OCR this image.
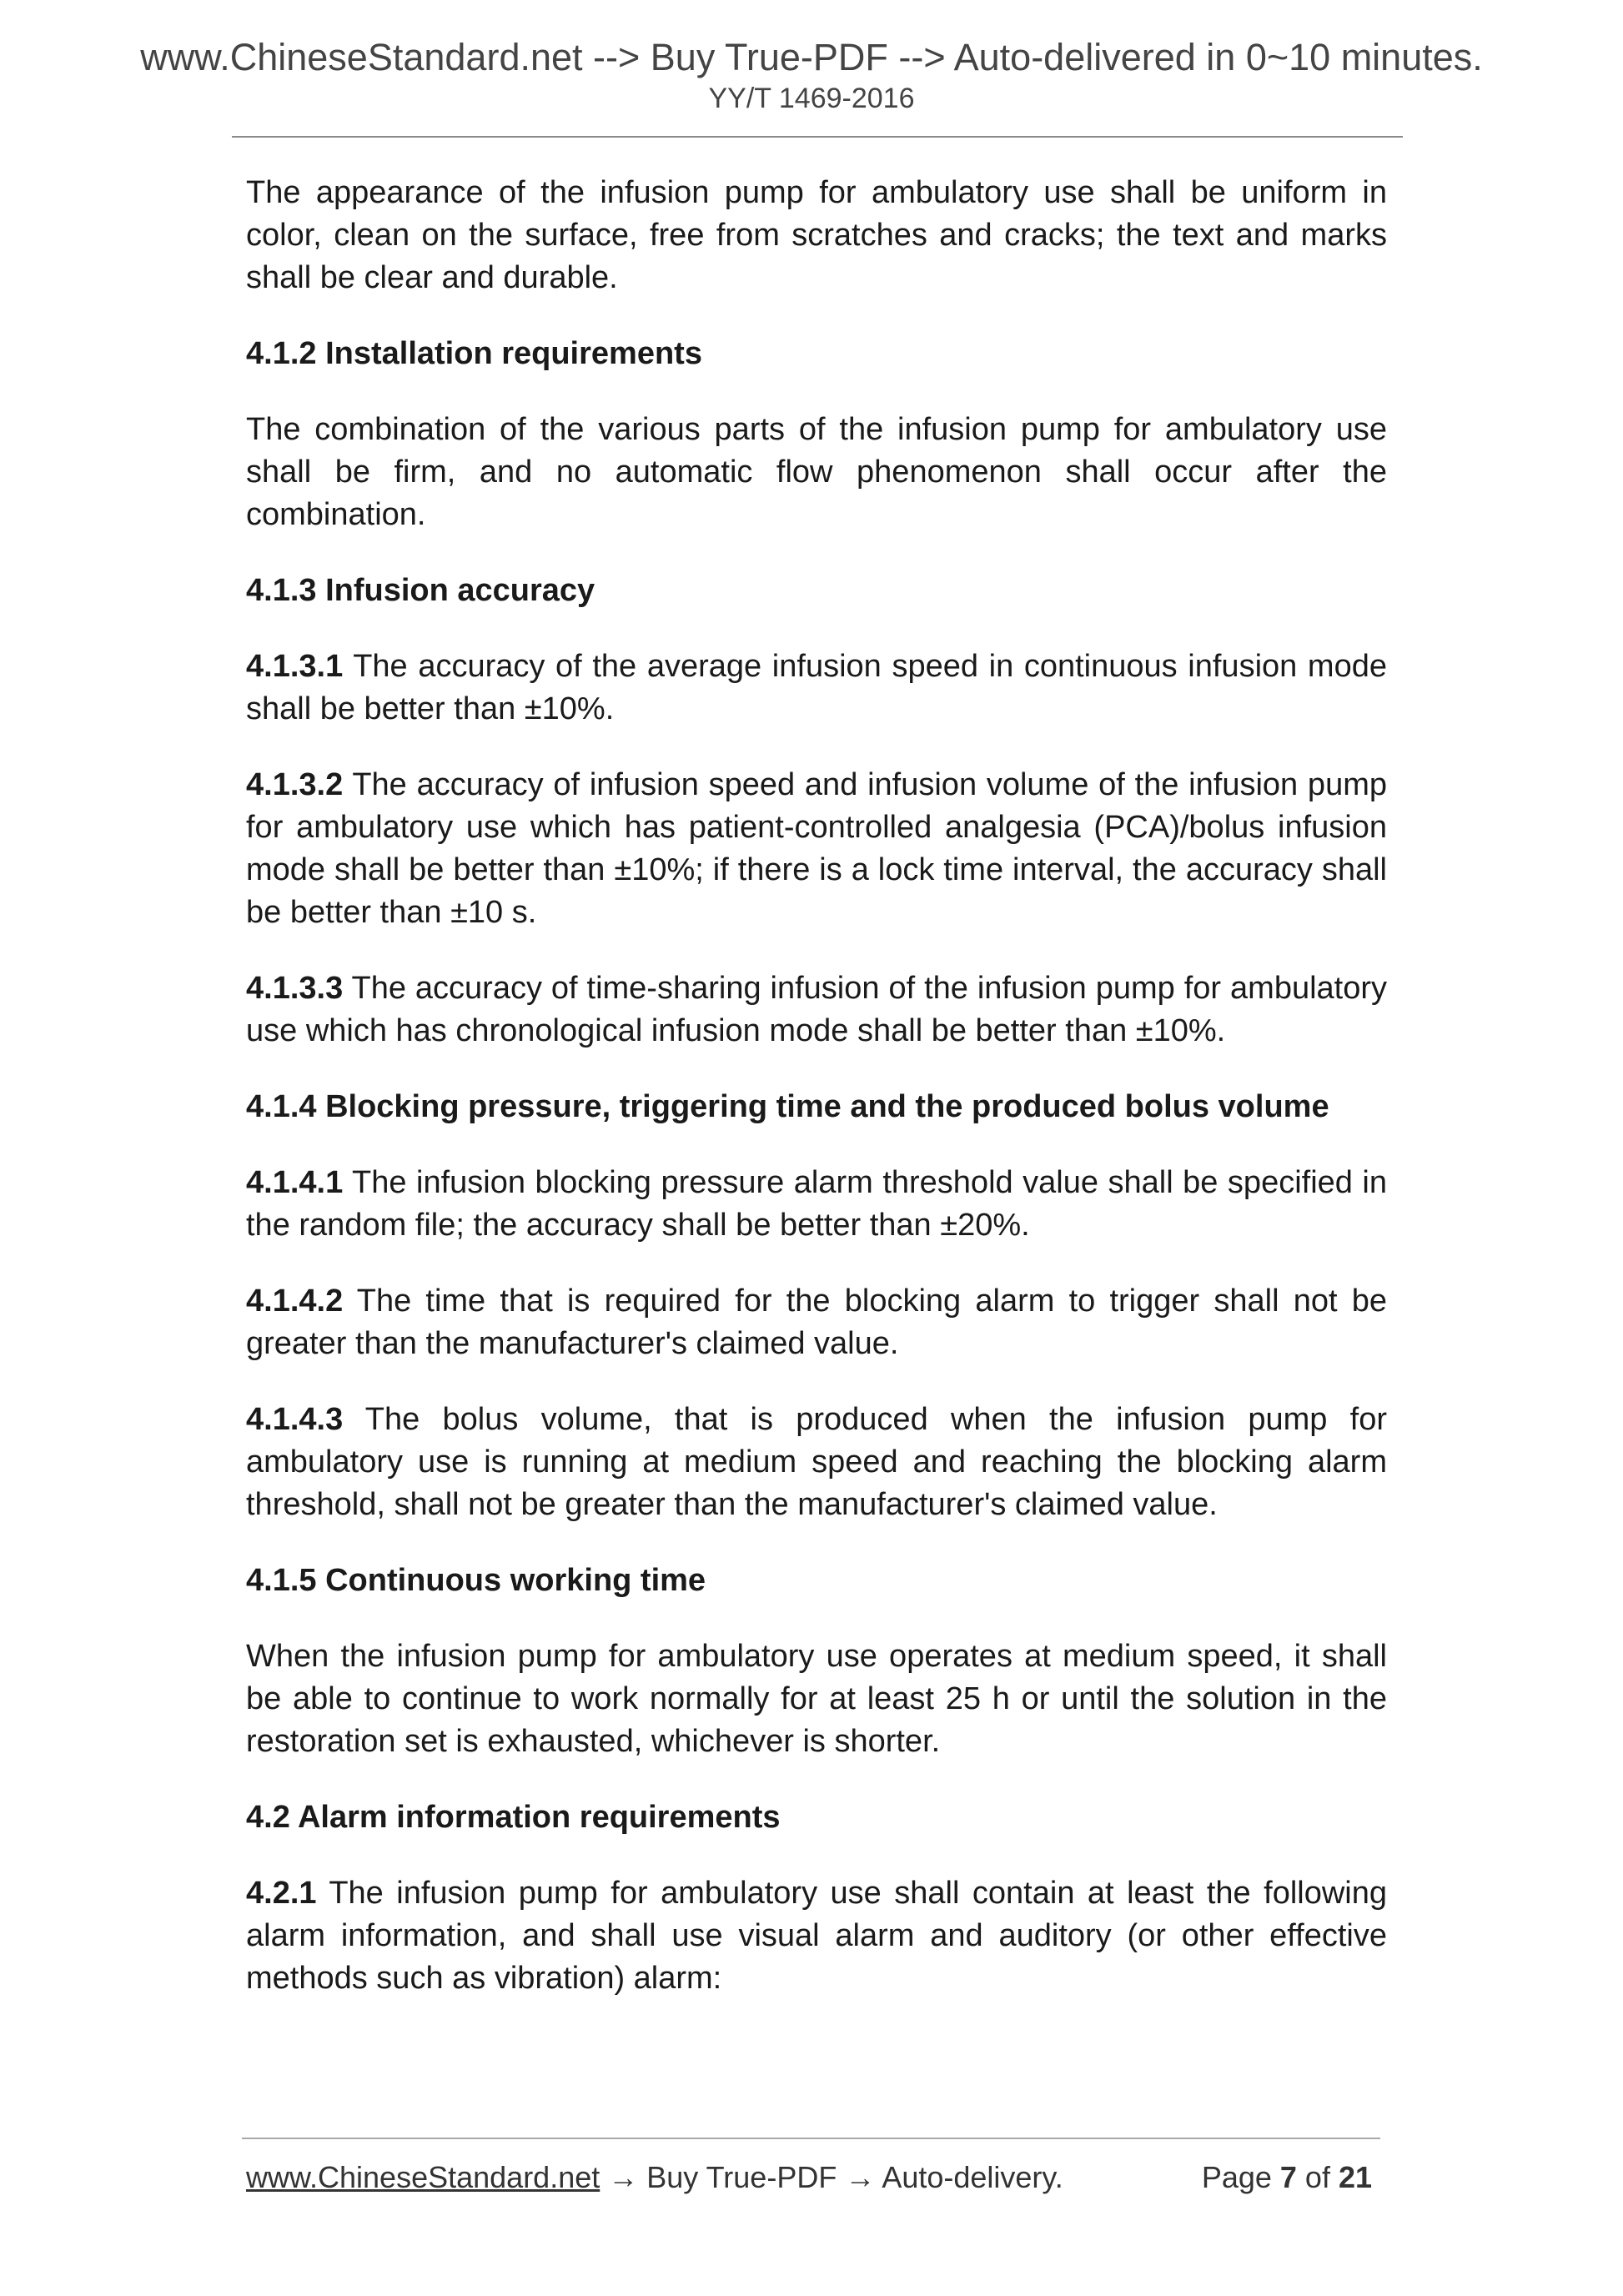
www.ChineseStandard.net --> Buy True-PDF --> Auto-delivered in 0~10 minutes.
YY/T 1469-2016

The appearance of the infusion pump for ambulatory use shall be uniform in color, clean on the surface, free from scratches and cracks; the text and marks shall be clear and durable.

4.1.2 Installation requirements

The combination of the various parts of the infusion pump for ambulatory use shall be firm, and no automatic flow phenomenon shall occur after the combination.

4.1.3 Infusion accuracy

4.1.3.1 The accuracy of the average infusion speed in continuous infusion mode shall be better than ±10%.

4.1.3.2 The accuracy of infusion speed and infusion volume of the infusion pump for ambulatory use which has patient-controlled analgesia (PCA)/bolus infusion mode shall be better than ±10%; if there is a lock time interval, the accuracy shall be better than ±10 s.

4.1.3.3 The accuracy of time-sharing infusion of the infusion pump for ambulatory use which has chronological infusion mode shall be better than ±10%.

4.1.4 Blocking pressure, triggering time and the produced bolus volume

4.1.4.1 The infusion blocking pressure alarm threshold value shall be specified in the random file; the accuracy shall be better than ±20%.

4.1.4.2 The time that is required for the blocking alarm to trigger shall not be greater than the manufacturer's claimed value.

4.1.4.3 The bolus volume, that is produced when the infusion pump for ambulatory use is running at medium speed and reaching the blocking alarm threshold, shall not be greater than the manufacturer's claimed value.

4.1.5 Continuous working time

When the infusion pump for ambulatory use operates at medium speed, it shall be able to continue to work normally for at least 25 h or until the solution in the restoration set is exhausted, whichever is shorter.

4.2 Alarm information requirements

4.2.1 The infusion pump for ambulatory use shall contain at least the following alarm information, and shall use visual alarm and auditory (or other effective methods such as vibration) alarm:

www.ChineseStandard.net → Buy True-PDF → Auto-delivery.	Page 7 of 21
